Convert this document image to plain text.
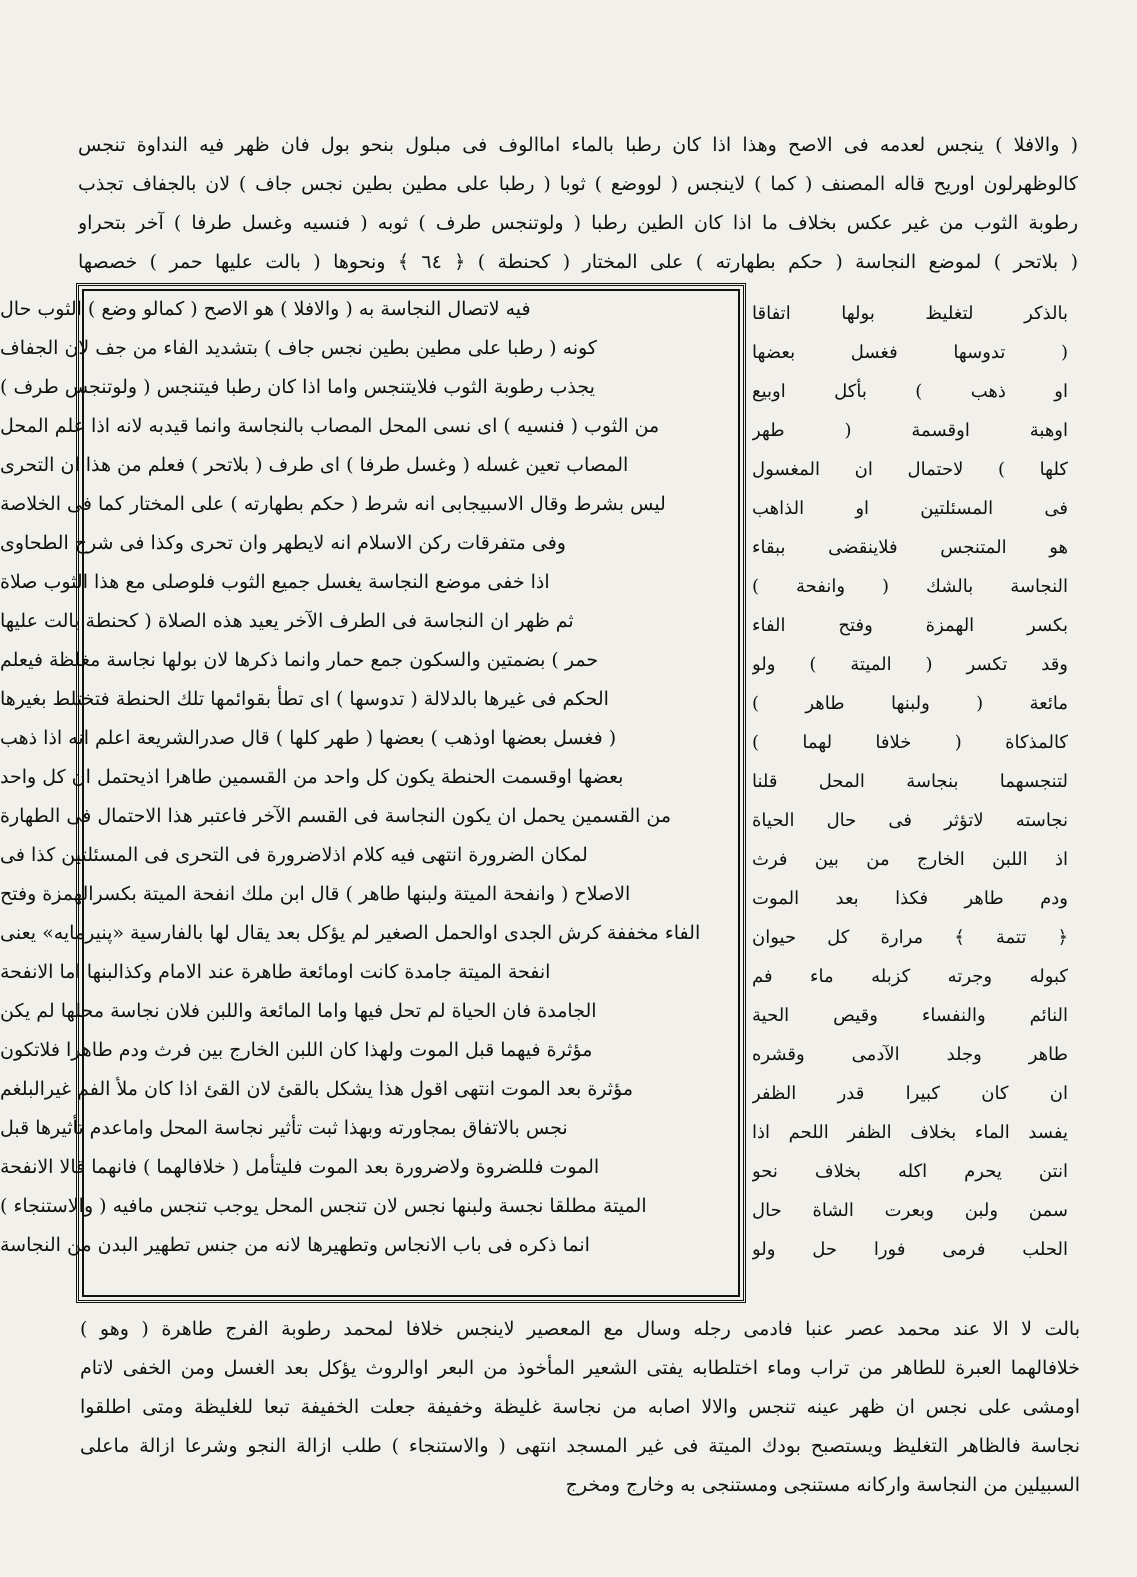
( والافلا ) ينجس لعدمه فى الاصح وهذا اذا كان رطبا بالماء اماالوف فى مبلول بنحو بول فان ظهر فيه النداوة تنجس
كالوظهرلون اوريح قاله المصنف ( كما ) لاينجس ( لووضع ) ثوبا ( رطبا على مطين بطين نجس جاف ) لان بالجفاف تجذب
رطوبة الثوب من غير عكس بخلاف ما اذا كان الطين رطبا ( ولوتنجس طرف ) ثوبه ( فنسيه وغسل طرفا ) آخر بتحراو
( بلاتحر ) لموضع النجاسة ( حكم بطهارته ) على المختار ( كحنطة ) ﴿ ٦٤ ﴾ ونحوها ( بالت عليها حمر ) خصصها
فيه لاتصال النجاسة به ( والافلا ) هو الاصح ( كمالو وضع ) الثوب حال
كونه ( رطبا على مطين بطين نجس جاف ) بتشديد الفاء من جف لان الجفاف
يجذب رطوبة الثوب فلايتنجس واما اذا كان رطبا فيتنجس ( ولوتنجس طرف )
من الثوب ( فنسيه ) اى نسى المحل المصاب بالنجاسة وانما قيدبه لانه اذا علم المحل
المصاب تعين غسله ( وغسل طرفا ) اى طرف ( بلاتحر ) فعلم من هذا ان التحرى
ليس بشرط وقال الاسبيجابى انه شرط ( حكم بطهارته ) على المختار كما فى الخلاصة
وفى متفرقات ركن الاسلام انه لايطهر وان تحرى وكذا فى شرح الطحاوى
اذا خفى موضع النجاسة يغسل جميع الثوب فلوصلى مع هذا الثوب صلاة
ثم ظهر ان النجاسة فى الطرف الآخر يعيد هذه الصلاة ( كحنطة بالت عليها
حمر ) بضمتين والسكون جمع حمار وانما ذكرها لان بولها نجاسة مغلظة فيعلم
الحكم فى غيرها بالدلالة ( تدوسها ) اى تطأ بقوائمها تلك الحنطة فتختلط بغيرها
( فغسل بعضها اوذهب ) بعضها ( طهر كلها ) قال صدرالشريعة اعلم انه اذا ذهب
بعضها اوقسمت الحنطة يكون كل واحد من القسمين طاهرا اذيحتمل ان كل واحد
من القسمين يحمل ان يكون النجاسة فى القسم الآخر فاعتبر هذا الاحتمال فى الطهارة
لمكان الضرورة انتهى فيه كلام اذلاضرورة فى التحرى فى المسئلتين كذا فى
الاصلاح ( وانفحة الميتة ولبنها طاهر ) قال ابن ملك انفحة الميتة بكسرالهمزة وفتح
الفاء مخففة كرش الجدى اوالحمل الصغير لم يؤكل بعد يقال لها بالفارسية «پنيرمايه» يعنى
انفحة الميتة جامدة كانت اومائعة طاهرة عند الامام وكذالبنها اما الانفحة
الجامدة فان الحياة لم تحل فيها واما المائعة واللبن فلان نجاسة محلها لم يكن
مؤثرة فيهما قبل الموت ولهذا كان اللبن الخارج بين فرث ودم طاهرا فلاتكون
مؤثرة بعد الموت انتهى اقول هذا يشكل بالقئ لان القئ اذا كان ملأ الفم غيرالبلغم
نجس بالاتفاق بمجاورته وبهذا ثبت تأثير نجاسة المحل واماعدم تأثيرها قبل
الموت فللضروة ولاضرورة بعد الموت فليتأمل ( خلافالهما ) فانهما قالا الانفحة
الميتة مطلقا نجسة ولبنها نجس لان تنجس المحل يوجب تنجس مافيه ( والاستنجاء )
انما ذكره فى باب الانجاس وتطهيرها لانه من جنس تطهير البدن من النجاسة
بالذكر لتغليظ بولها اتفاقا
( تدوسها فغسل بعضها
او ذهب ) بأكل اوبيع
اوهبة اوقسمة ( طهر
كلها ) لاحتمال ان المغسول
فى المسئلتين او الذاهب
هو المتنجس فلاينقضى ببقاء
النجاسة بالشك ( وانفحة )
بكسر الهمزة وفتح الفاء
وقد تكسر ( الميتة ) ولو
مائعة ( ولبنها طاهر )
كالمذكاة ( خلافا لهما )
لتنجسهما بنجاسة المحل قلنا
نجاسته لاتؤثر فى حال الحياة
اذ اللبن الخارج من بين فرث
ودم طاهر فكذا بعد الموت
﴿ تتمة ﴾ مرارة كل حيوان
كبوله وجرته كزبله ماء فم
النائم والنفساء وقيص الحية
طاهر وجلد الآدمى وقشره
ان كان كبيرا قدر الظفر
يفسد الماء بخلاف الظفر اللحم اذا
انتن يحرم اكله بخلاف نحو
سمن ولبن وبعرت الشاة حال
الحلب فرمى فورا حل ولو
بالت لا الا عند محمد عصر عنبا فادمى رجله وسال مع المعصير لاينجس خلافا لمحمد رطوبة الفرج طاهرة ( وهو )
خلافالهما العبرة للطاهر من تراب وماء اختلطابه يفتى الشعير المأخوذ من البعر اوالروث يؤكل بعد الغسل ومن الخفى لاتام
اومشى على نجس ان ظهر عينه تنجس والالا اصابه من نجاسة غليظة وخفيفة جعلت الخفيفة تبعا للغليظة ومتى اطلقوا
نجاسة فالظاهر التغليظ ويستصبح بودك الميتة فى غير المسجد انتهى ( والاستنجاء ) طلب ازالة النجو وشرعا ازالة ماعلى
السبيلين من النجاسة واركانه مستنجى ومستنجى به وخارج ومخرج
